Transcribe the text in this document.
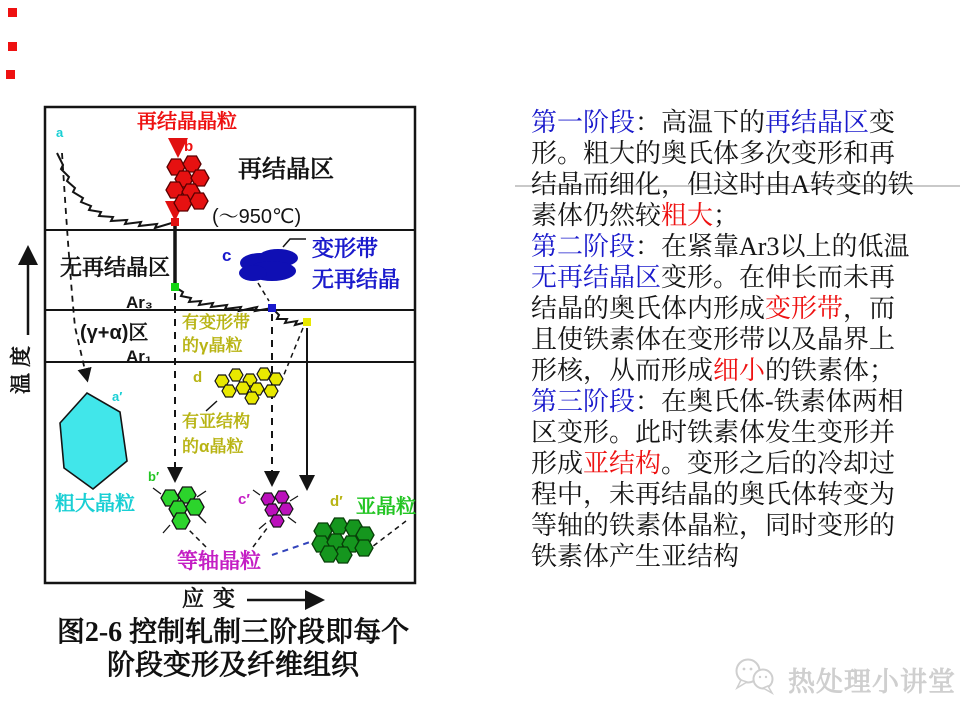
再结晶晶粒
b
再结晶区
(～950℃)
c	变形带
无再结晶
无再结晶区
Ar₃
(γ+α)区
Ar₁
有变形带
的γ晶粒
d
有亚结构
的α晶粒
a
a′
粗大晶粒
b′
c′	d′ 亚晶粒
等轴晶粒
应变
温度
图2-6 控制轧制三阶段即每个
阶段变形及纤维组织
第一阶段：高温下的再结晶区变
形。粗大的奥氏体多次变形和再
结晶而细化，但这时由A转变的铁
素体仍然较粗大；
第二阶段：在紧靠Ar3以上的低温
无再结晶区变形。在伸长而未再
结晶的奥氏体内形成变形带，而
且使铁素体在变形带以及晶界上
形核，从而形成细小的铁素体；
第三阶段：在奥氏体-铁素体两相
区变形。此时铁素体发生变形并
形成亚结构。变形之后的冷却过
程中，未再结晶的奥氏体转变为
等轴的铁素体晶粒，同时变形的
铁素体产生亚结构
热处理小讲堂
